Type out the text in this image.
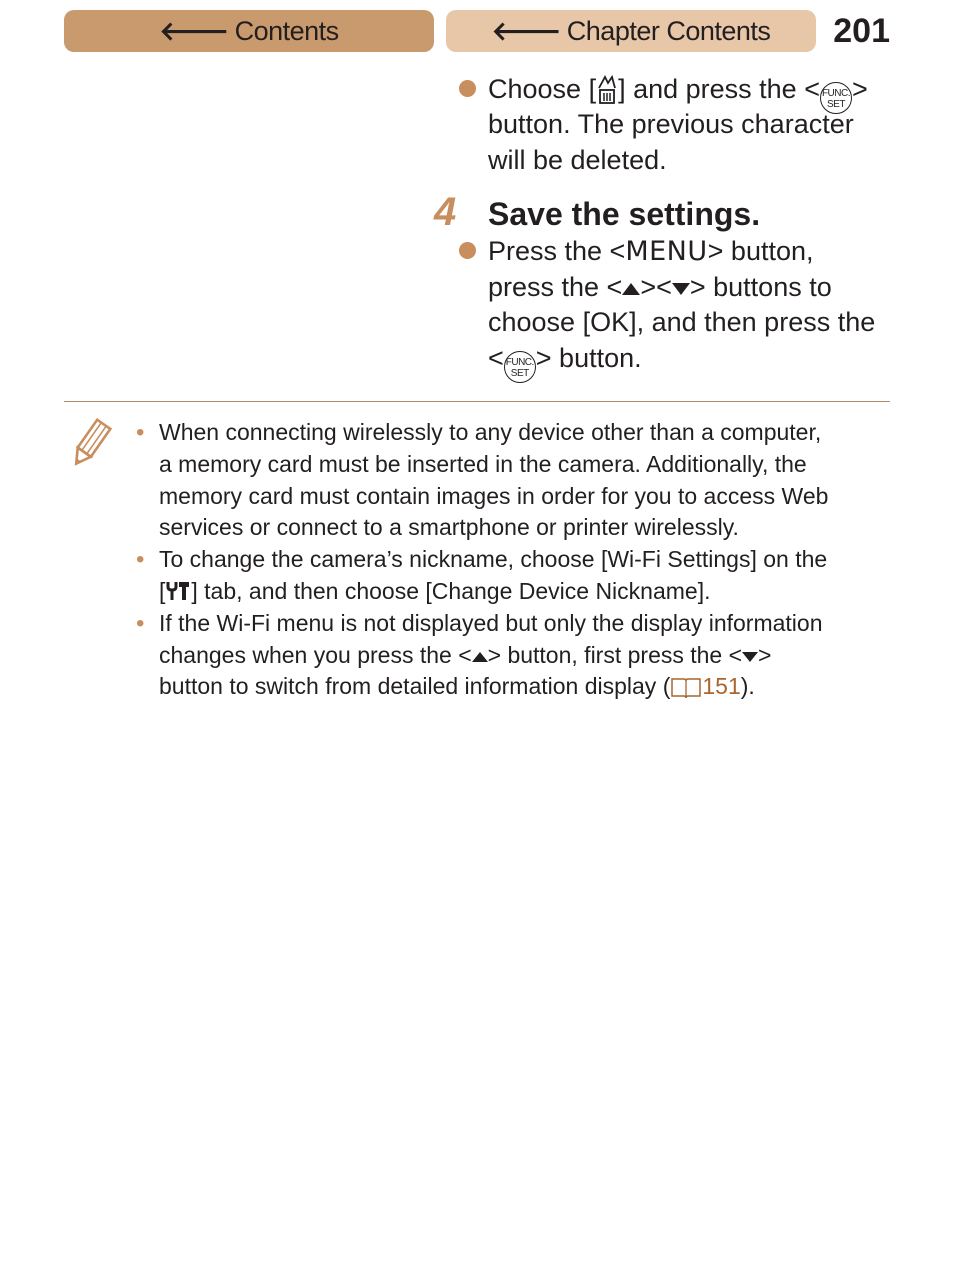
🡐 Contents	🡐 Chapter Contents 201
Choose [ ] and press the < FUNC.
SET>
button. The previous character
will be deleted.
4 Save the settings.
Press the <MENU> button,
press the < >< > buttons to
choose [OK], and then press the
< FUNC.
SET> button.
• When connecting wirelessly to any device other than a computer,
a memory card must be inserted in the camera. Additionally, the
memory card must contain images in order for you to access Web
services or connect to a smartphone or printer wirelessly.
• To change the camera’s nickname, choose [Wi-Fi Settings] on the
[ ] tab, and then choose [Change Device Nickname].
• If the Wi-Fi menu is not displayed but only the display information
changes when you press the < > button, first press the < >
button to switch from detailed information display ( 151).
